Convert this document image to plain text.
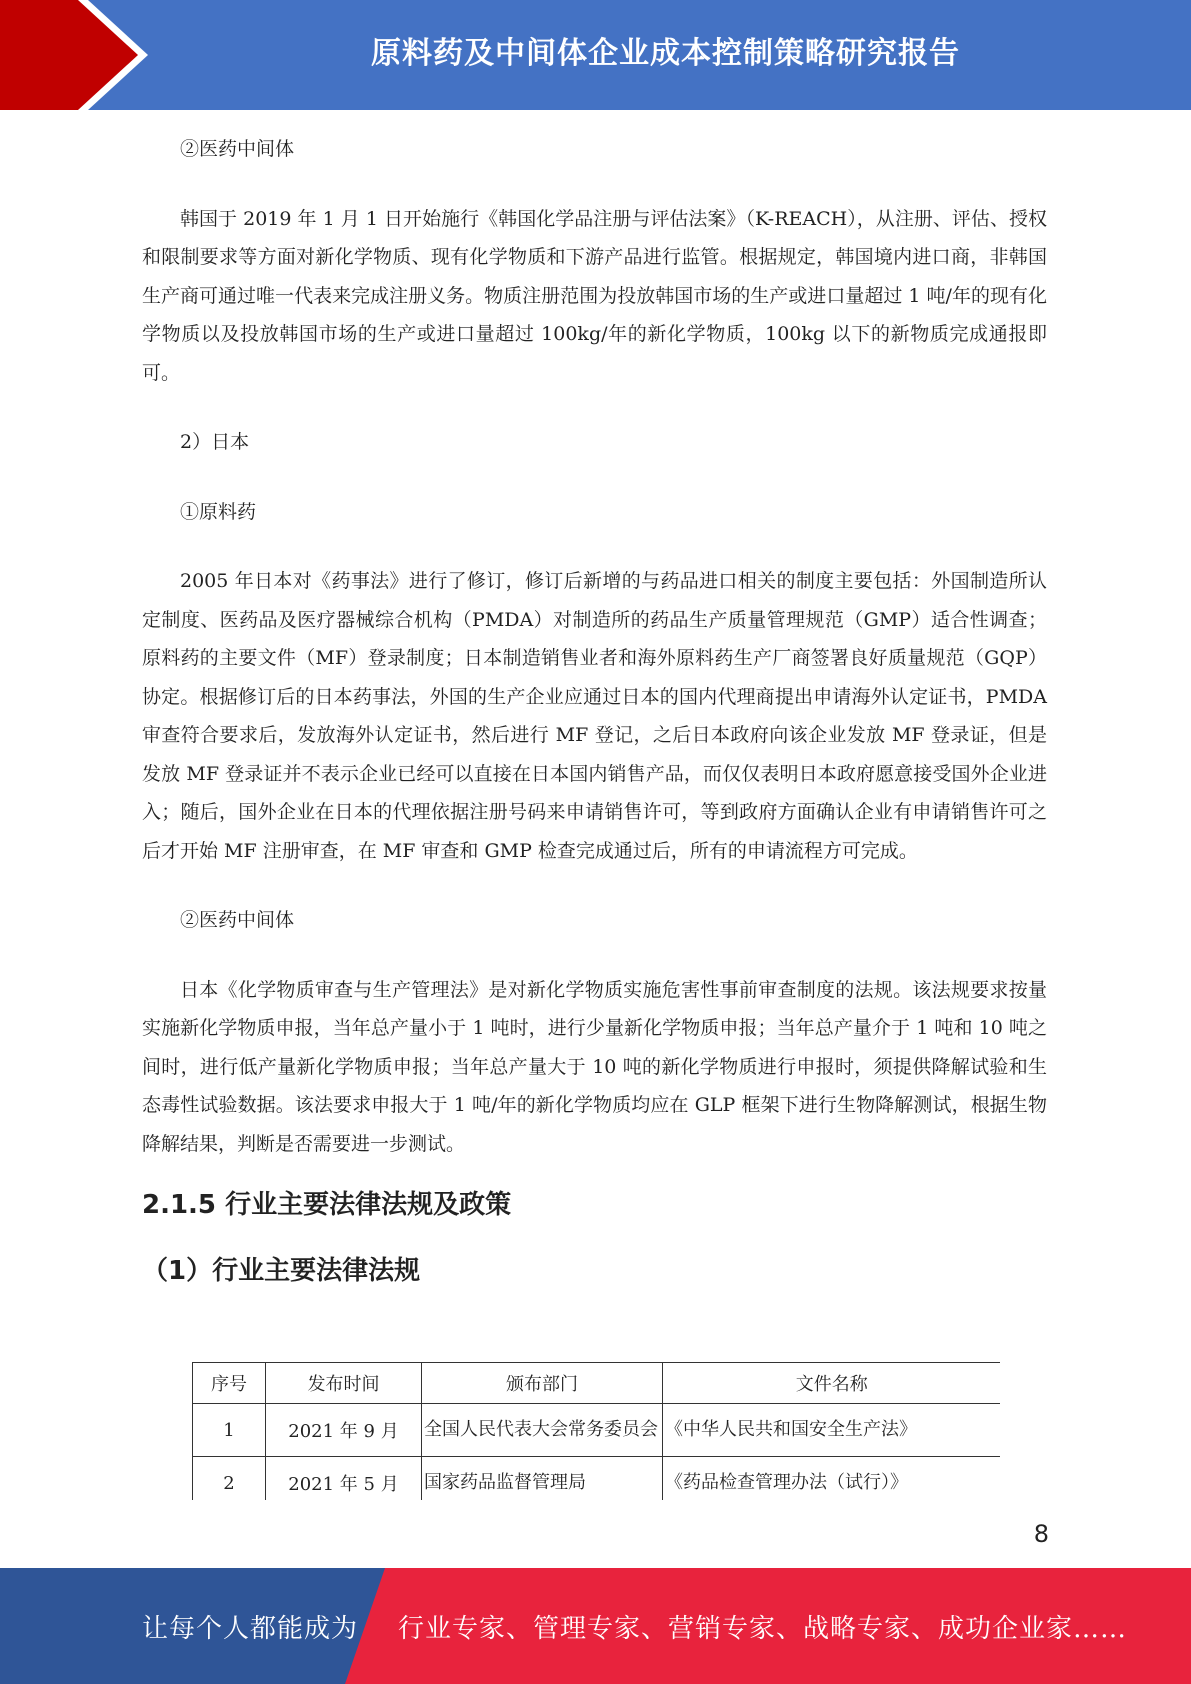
原料药及中间体企业成本控制策略研究报告

②医药中间体

韩国于 2019 年 1 月 1 日开始施行《韩国化学品注册与评估法案》（K-REACH），从注册、评估、授权和限制要求等方面对新化学物质、现有化学物质和下游产品进行监管。根据规定，韩国境内进口商，非韩国生产商可通过唯一代表来完成注册义务。物质注册范围为投放韩国市场的生产或进口量超过 1 吨/年的现有化学物质以及投放韩国市场的生产或进口量超过 100kg/年的新化学物质，100kg 以下的新物质完成通报即可。

2）日本

①原料药

2005 年日本对《药事法》进行了修订，修订后新增的与药品进口相关的制度主要包括：外国制造所认定制度、医药品及医疗器械综合机构（PMDA）对制造所的药品生产质量管理规范（GMP）适合性调查；原料药的主要文件（MF）登录制度；日本制造销售业者和海外原料药生产厂商签署良好质量规范（GQP）协定。根据修订后的日本药事法，外国的生产企业应通过日本的国内代理商提出申请海外认定证书，PMDA 审查符合要求后，发放海外认定证书，然后进行 MF 登记，之后日本政府向该企业发放 MF 登录证，但是发放 MF 登录证并不表示企业已经可以直接在日本国内销售产品，而仅仅表明日本政府愿意接受国外企业进入；随后，国外企业在日本的代理依据注册号码来申请销售许可，等到政府方面确认企业有申请销售许可之后才开始 MF 注册审查，在 MF 审查和 GMP 检查完成通过后，所有的申请流程方可完成。

②医药中间体

日本《化学物质审查与生产管理法》是对新化学物质实施危害性事前审查制度的法规。该法规要求按量实施新化学物质申报，当年总产量小于 1 吨时，进行少量新化学物质申报；当年总产量介于 1 吨和 10 吨之间时，进行低产量新化学物质申报；当年总产量大于 10 吨的新化学物质进行申报时，须提供降解试验和生态毒性试验数据。该法要求申报大于 1 吨/年的新化学物质均应在 GLP 框架下进行生物降解测试，根据生物降解结果，判断是否需要进一步测试。

2.1.5 行业主要法律法规及政策
（1）行业主要法律法规
序号	发布时间	颁布部门	文件名称
1	2021 年 9 月	全国人民代表大会常务委员会	《中华人民共和国安全生产法》
2	2021 年 5 月	国家药品监督管理局	《药品检查管理办法（试行）》
8
让每个人都能成为 行业专家、管理专家、营销专家、战略专家、成功企业家……
